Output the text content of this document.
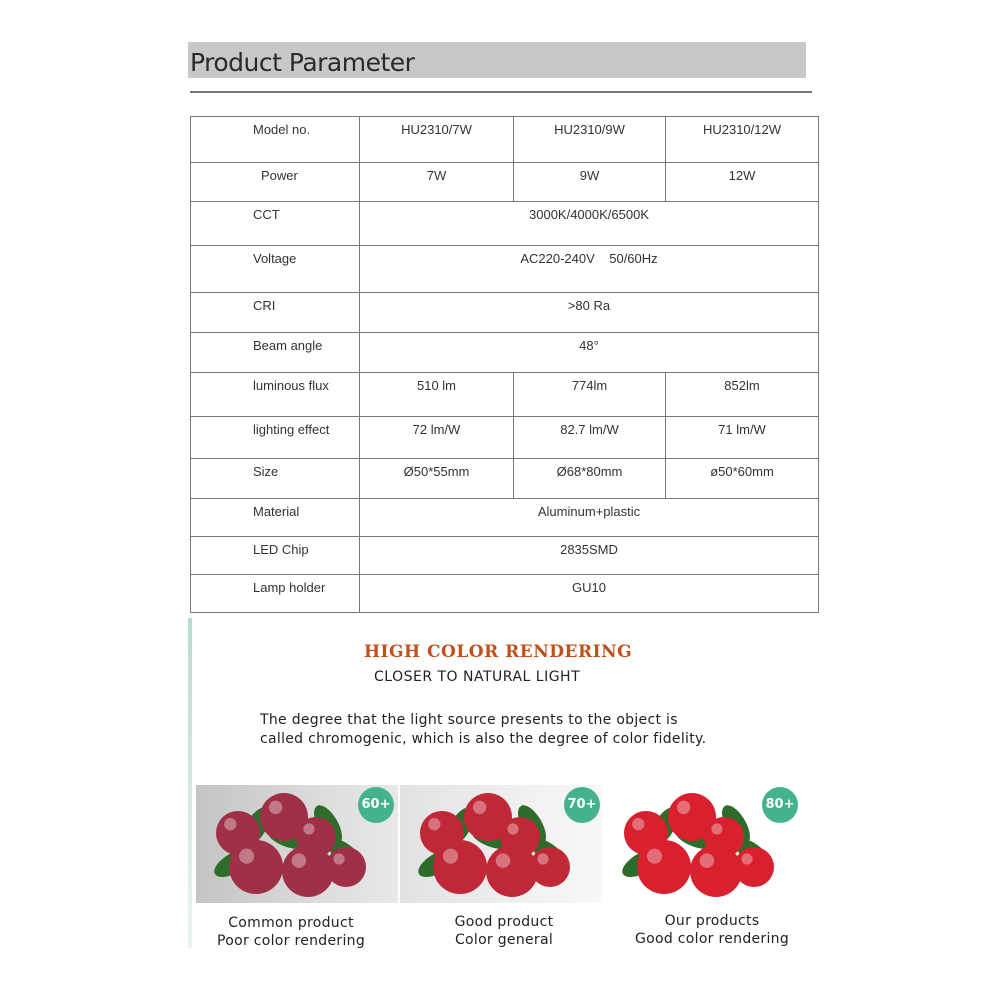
Product Parameter
Model no.	HU2310/7W	HU2310/9W	HU2310/12W
Power	7W	9W	12W
CCT	3000K/4000K/6500K		
Voltage	AC220-240V    50/60Hz		
CRI	>80 Ra		
Beam angle	48°		
luminous flux	510 lm	774lm	852lm
lighting effect	72 lm/W	82.7 lm/W	71 lm/W
Size	Ø50*55mm	Ø68*80mm	ø50*60mm
Material	Aluminum+plastic		
LED Chip	2835SMD		
Lamp holder	GU10		
HIGH COLOR RENDERING
CLOSER TO NATURAL LIGHT
The degree that the light source presents to the object is
called chromogenic, which is also the degree of color fidelity.
60+	70+	80+
Common product
Poor color rendering
Good product
Color general
Our products
Good color rendering
